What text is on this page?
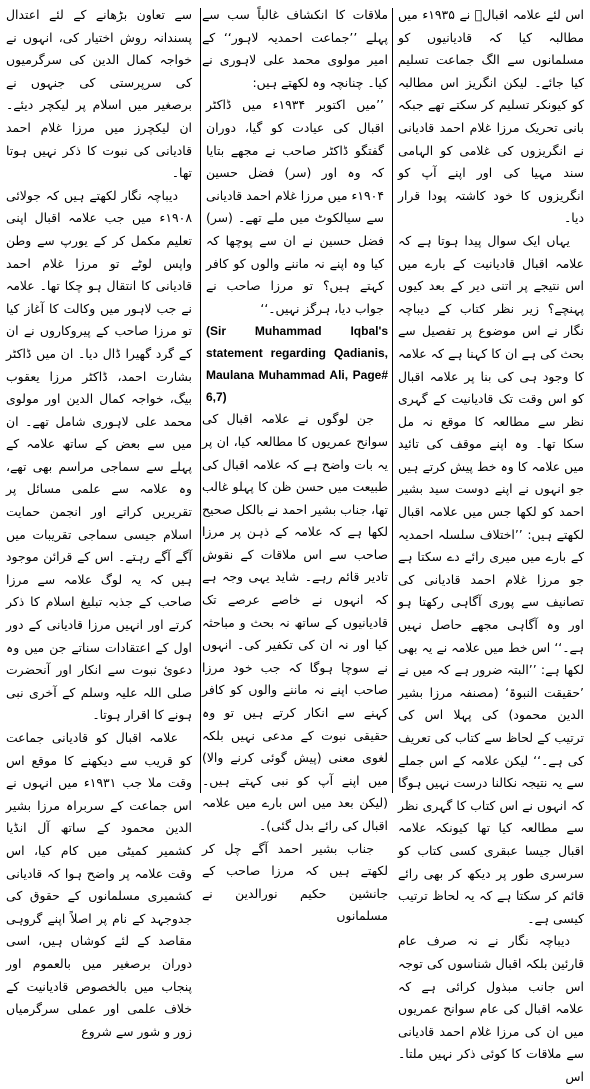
اس لئے علامہ اقبالؒ نے ۱۹۳۵ء میں مطالبہ کیا کہ قادیانیوں کو مسلمانوں سے الگ جماعت تسلیم کیا جائے۔ لیکن انگریز اس مطالبہ کو کیونکر تسلیم کر سکتے تھے جبکہ بانی تحریک مرزا غلام احمد قادیانی نے انگریزوں کی غلامی کو الہامی سند مہیا کی اور اپنے آپ کو انگریزوں کا خود کاشتہ پودا قرار دیا۔

یہاں ایک سوال پیدا ہوتا ہے کہ علامہ اقبال قادیانیت کے بارے میں اس نتیجے پر اتنی دیر کے بعد کیوں پہنچے؟ زیر نظر کتاب کے دیباچہ نگار نے اس موضوع پر تفصیل سے بحث کی ہے ان کا کہنا ہے کہ علامہ کا وجود ہی کی بنا پر علامہ اقبال کو اس وقت تک قادیانیت کے گہری نظر سے مطالعہ کا موقع نہ مل سکا تھا۔ وہ اپنے موقف کی تائید میں علامہ کا وہ خط پیش کرتے ہیں جو انہوں نے اپنے دوست سید بشیر احمد کو لکھا جس میں علامہ اقبال لکھتے ہیں: ’’اختلاف سلسلہ احمدیہ کے بارے میں میری رائے دے سکتا ہے جو مرزا غلام احمد قادیانی کی تصانیف سے پوری آگاہی رکھتا ہو اور وہ آگاہی مجھے حاصل نہیں ہے۔‘‘ اس خط میں علامہ نے یہ بھی لکھا ہے: ’’البتہ ضرور ہے کہ میں نے ’حقیقت النبوۃ‘ (مصنفہ مرزا بشیر الدین محمود) کی پہلا اس کی ترتیب کے لحاظ سے کتاب کی تعریف کی ہے۔‘‘ لیکن علامہ کے اس جملے سے یہ نتیجہ نکالنا درست نہیں ہوگا کہ انہوں نے اس کتاب کا گہری نظر سے مطالعہ کیا تھا کیونکہ علامہ اقبال جیسا عبقری کسی کتاب کو سرسری طور پر دیکھ کر بھی رائے قائم کر سکتا ہے کہ یہ لحاظ ترتیب کیسی ہے۔

دیباچہ نگار نے نہ صرف عام قارئین بلکہ اقبال شناسوں کی توجہ اس جانب مبذول کرائی ہے کہ علامہ اقبال کی عام سوانح عمریوں میں ان کی مرزا غلام احمد قادیانی سے ملاقات کا کوئی ذکر نہیں ملتا۔ اس

ملاقات کا انکشاف غالباً سب سے پہلے ’’جماعت احمدیہ لاہور‘‘ کے امیر مولوی محمد علی لاہوری نے کیا۔ چنانچہ وہ لکھتے ہیں:

’’میں اکتوبر ۱۹۳۴ء میں ڈاکٹر اقبال کی عیادت کو گیا، دوران گفتگو ڈاکٹر صاحب نے مجھے بتایا کہ وہ اور (سر) فضل حسین ۱۹۰۴ء میں مرزا غلام احمد قادیانی سے سیالکوٹ میں ملے تھے۔ (سر) فضل حسین نے ان سے پوچھا کہ کیا وہ اپنے نہ ماننے والوں کو کافر کہتے ہیں؟ تو مرزا صاحب نے جواب دیا، ہرگز نہیں۔‘‘

(Sir Muhammad Iqbal's statement regarding Qadianis, Maulana Muhammad Ali, Page# 6,7)

جن لوگوں نے علامہ اقبال کی سوانح عمریوں کا مطالعہ کیا، ان پر یہ بات واضح ہے کہ علامہ اقبال کی طبیعت میں حسن ظن کا پہلو غالب تھا، جناب بشیر احمد نے بالکل صحیح لکھا ہے کہ علامہ کے ذہن پر مرزا صاحب سے اس ملاقات کے نقوش تادیر قائم رہے۔ شاید یہی وجہ ہے کہ انہوں نے خاصے عرصے تک قادیانیوں کے ساتھ نہ بحث و مباحثہ کیا اور نہ ان کی تکفیر کی۔ انہوں نے سوچا ہوگا کہ جب خود مرزا صاحب اپنے نہ ماننے والوں کو کافر کہنے سے انکار کرتے ہیں تو وہ حقیقی نبوت کے مدعی نہیں بلکہ لغوی معنی (پیش گوئی کرنے والا) میں اپنے آپ کو نبی کہتے ہیں۔ (لیکن بعد میں اس بارے میں علامہ اقبال کی رائے بدل گئی)۔

جناب بشیر احمد آگے چل کر لکھتے ہیں کہ مرزا صاحب کے جانشین حکیم نورالدین نے مسلمانوں

سے تعاون بڑھانے کے لئے اعتدال پسندانہ روش اختیار کی، انہوں نے خواجہ کمال الدین کی سرگرمیوں کی سرپرستی کی جنہوں نے برصغیر میں اسلام پر لیکچر دیئے۔ ان لیکچرز میں مرزا غلام احمد قادیانی کی نبوت کا ذکر نہیں ہوتا تھا۔

دیباچہ نگار لکھتے ہیں کہ جولائی ۱۹۰۸ء میں جب علامہ اقبال اپنی تعلیم مکمل کر کے یورپ سے وطن واپس لوٹے تو مرزا غلام احمد قادیانی کا انتقال ہو چکا تھا۔ علامہ نے جب لاہور میں وکالت کا آغاز کیا تو مرزا صاحب کے پیروکاروں نے ان کے گرد گھیرا ڈال دیا۔ ان میں ڈاکٹر بشارت احمد، ڈاکٹر مرزا یعقوب بیگ، خواجہ کمال الدین اور مولوی محمد علی لاہوری شامل تھے۔ ان میں سے بعض کے ساتھ علامہ کے پہلے سے سماجی مراسم بھی تھے، وہ علامہ سے علمی مسائل پر تقریریں کراتے اور انجمن حمایت اسلام جیسی سماجی تقریبات میں آگے آگے رہتے۔ اس کے قرائن موجود ہیں کہ یہ لوگ علامہ سے مرزا صاحب کے جذبہ تبلیغ اسلام کا ذکر کرتے اور انہیں مرزا قادیانی کے دور اول کے اعتقادات سناتے جن میں وہ دعویٔ نبوت سے انکار اور آنحضرت صلی اللہ علیہ وسلم کے آخری نبی ہونے کا اقرار ہوتا۔

علامہ اقبال کو قادیانی جماعت کو قریب سے دیکھنے کا موقع اس وقت ملا جب ۱۹۳۱ء میں انہوں نے اس جماعت کے سربراہ مرزا بشیر الدین محمود کے ساتھ آل انڈیا کشمیر کمیٹی میں کام کیا، اس وقت علامہ پر واضح ہوا کہ قادیانی کشمیری مسلمانوں کے حقوق کی جدوجہد کے نام پر اصلاً اپنے گروہی مقاصد کے لئے کوشاں ہیں، اسی دوران برصغیر میں بالعموم اور پنجاب میں بالخصوص قادیانیت کے خلاف علمی اور عملی سرگرمیاں زور و شور سے شروع
